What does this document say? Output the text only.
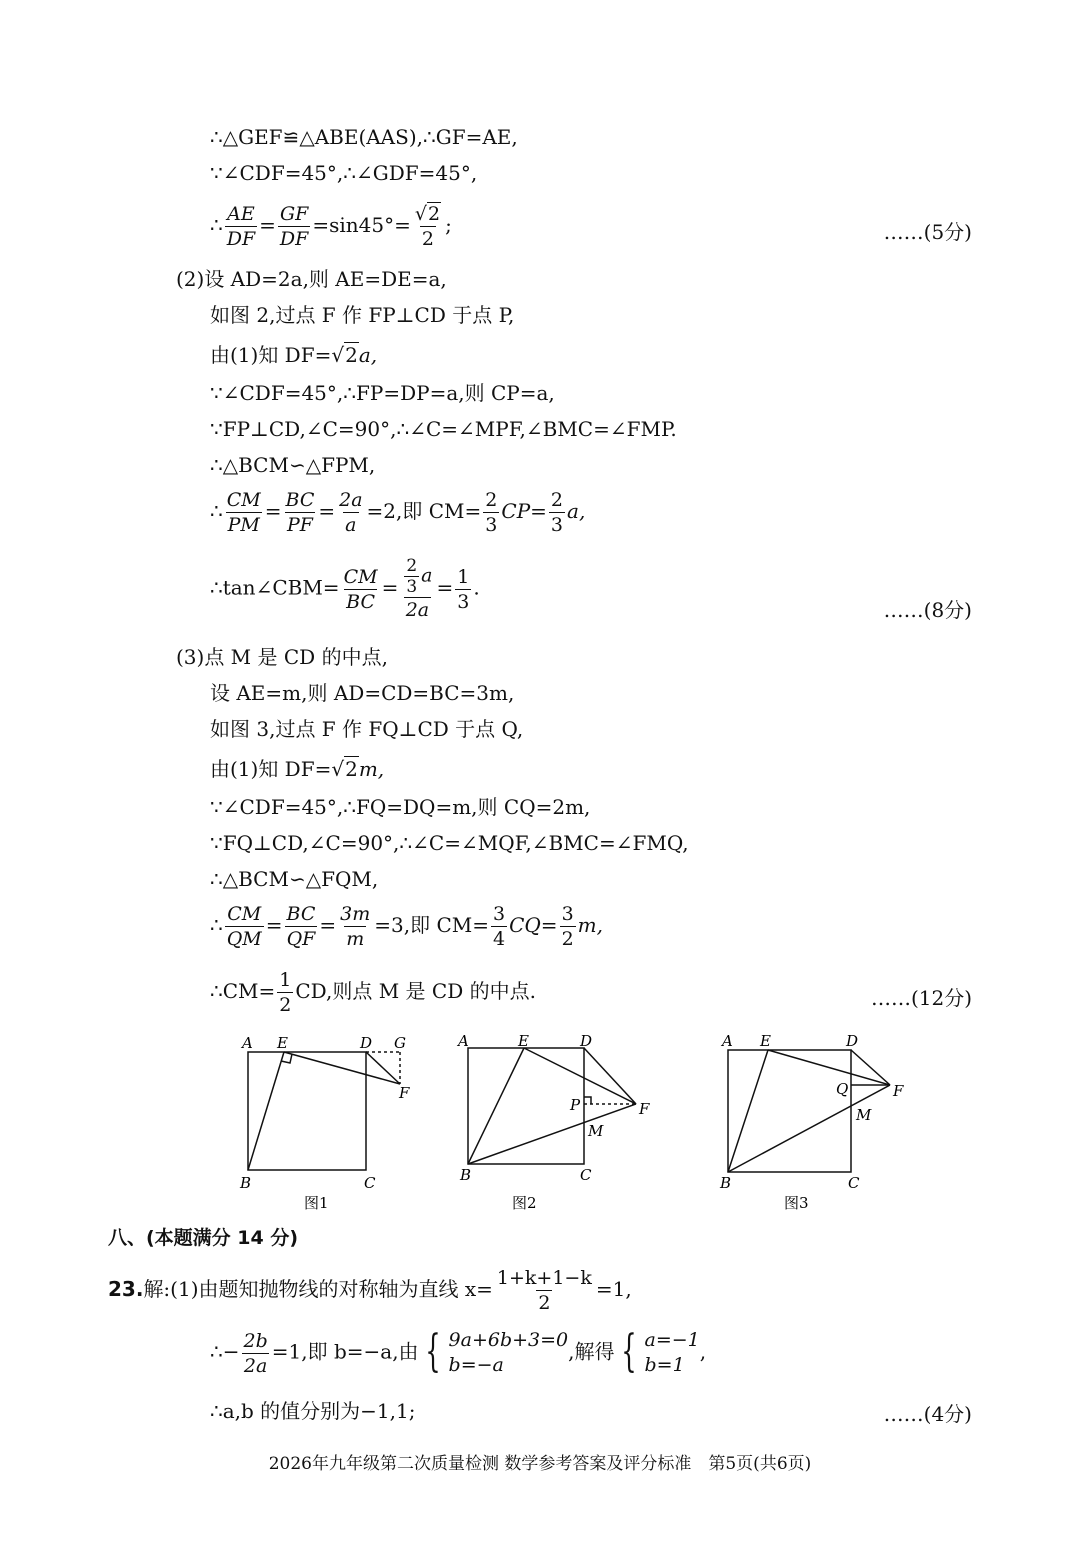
∴△GEF≌△ABE(AAS),∴GF=AE,
∵∠CDF=45°,∴∠GDF=45°,
∴ $\frac{AE}{DF} = \frac{GF}{DF} =\sin 45^\circ= \frac{√2}{2}$ ;	……(5分)
(2)设 AD=2a,则 AE=DE=a,
如图 2,过点 F 作 FP⊥CD 于点 P,
由(1)知 DF=√2a,
∵∠CDF=45°,∴FP=DP=a,则 CP=a,
∵FP⊥CD,∠C=90°,∴∠C=∠MPF,∠BMC=∠FMP.
∴△BCM∽△FPM,
∴ $\frac{CM}{PM} = \frac{BC}{PF} = \frac{2a}{a} =2$,即 $CM= \frac{2}{3} CP= \frac{2}{3} a$,
∴tan∠CBM= $\frac{CM}{BC} = \frac{\frac{2}{3} a}{2a} = \frac{1}{3}$ .
……(8分)
(3)点 M 是 CD 的中点,
设 AE=m,则 AD=CD=BC=3m,
如图 3,过点 F 作 FQ⊥CD 于点 Q,
由(1)知 DF=√2m,
∵∠CDF=45°,∴FQ=DQ=m,则 CQ=2m,
∵FQ⊥CD,∠C=90°,∴∠C=∠MQF,∠BMC=∠FMQ,
∴△BCM∽△FQM,
∴ $\frac{CM}{QM} = \frac{BC}{QF} = \frac{3m}{m} =3$,即 $CM= \frac{3}{4} CQ= \frac{3}{2} m$,
∴CM= $\frac{1}{2}$ CD,则点 M 是 CD 的中点.	……(12分)
A E	D G
F
B	C
图1
A	E	D
P	F
M
B	C
图2
A E	D
Q	F
M
B	C
图3
八、(本题满分 14 分)
23.解:(1)由题知抛物线的对称轴为直线 $x= \frac{1+k+1-k}{2} =1$,
∴− $\frac{2b}{2a} =1$,即 b=−a,由 { 9a+6b+3=0
b=−a
,解得 { a=−1
b=1
,
∴a,b 的值分别为−1,1;	……(4分)
2026年九年级第二次质量检测 数学参考答案及评分标准　第5页(共6页)
